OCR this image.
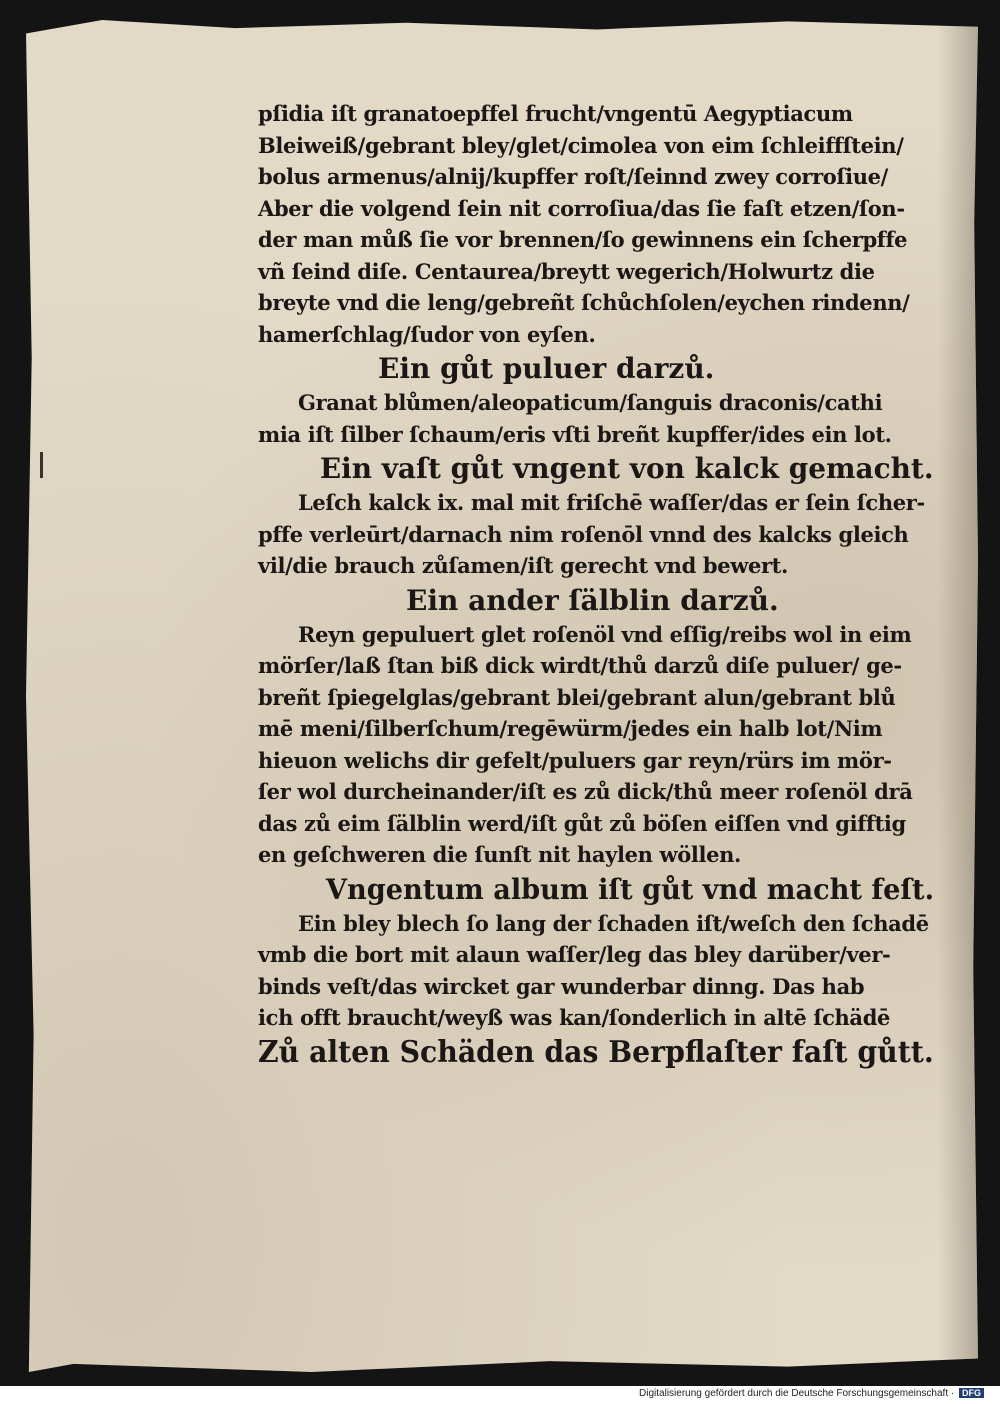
pſidia iſt granatoepffel frucht/vngentū Aegyptiacum
Bleiweiß/gebrant bley/glet/cimolea von eim ſchleiffſtein/
bolus armenus/alnij/kupffer roſt/ſeinnd zwey corroſiue/
Aber die volgend ſein nit corroſiua/das ſie faſt etzen/ſon-
der man můß ſie vor brennen/ſo gewinnens ein ſcherpffe
vñ ſeind diſe. Centaurea/breytt wegerich/Holwurtz die
breyte vnd die leng/gebreñt ſchůchſolen/eychen rindenn/
hamerſchlag/ſudor von eyſen.
Ein gůt puluer darzů.
Granat blůmen/aleopaticum/ſanguis draconis/cathi
mia iſt ſilber ſchaum/eris vſti breñt kupffer/ides ein lot.
Ein vaſt gůt vngent von kalck gemacht.
Leſch kalck ix. mal mit friſchē waſſer/das er ſein ſcher-
pffe verleūrt/darnach nim roſenōl vnnd des kalcks gleich
vil/die brauch zůſamen/iſt gerecht vnd bewert.
Ein ander ſälblin darzů.
Reyn gepuluert glet roſenöl vnd eſſig/reibs wol in eim
mörſer/laß ſtan biß dick wirdt/thů darzů diſe puluer/ ge-
breñt ſpiegelglas/gebrant blei/gebrant alun/gebrant blů
mē meni/ſilberſchum/regēwürm/jedes ein halb lot/Nim
hieuon welichs dir gefelt/puluers gar reyn/rürs im mör-
ſer wol durcheinander/iſt es zů dick/thů meer roſenöl drā
das zů eim ſälblin werd/iſt gůt zů böſen eiſſen vnd gifftig
en geſchweren die ſunſt nit haylen wöllen.
Vngentum album iſt gůt vnd macht feſt.
Ein bley blech ſo lang der ſchaden iſt/weſch den ſchadē
vmb die bort mit alaun waſſer/leg das bley darüber/ver-
binds veſt/das wircket gar wunderbar dinng. Das hab
ich offt braucht/weyß was kan/ſonderlich in altē ſchädē
Zů alten Schäden das Berpflaſter faſt gůtt.
Digitalisierung gefördert durch die Deutsche Forschungsgemeinschaft · DFG
